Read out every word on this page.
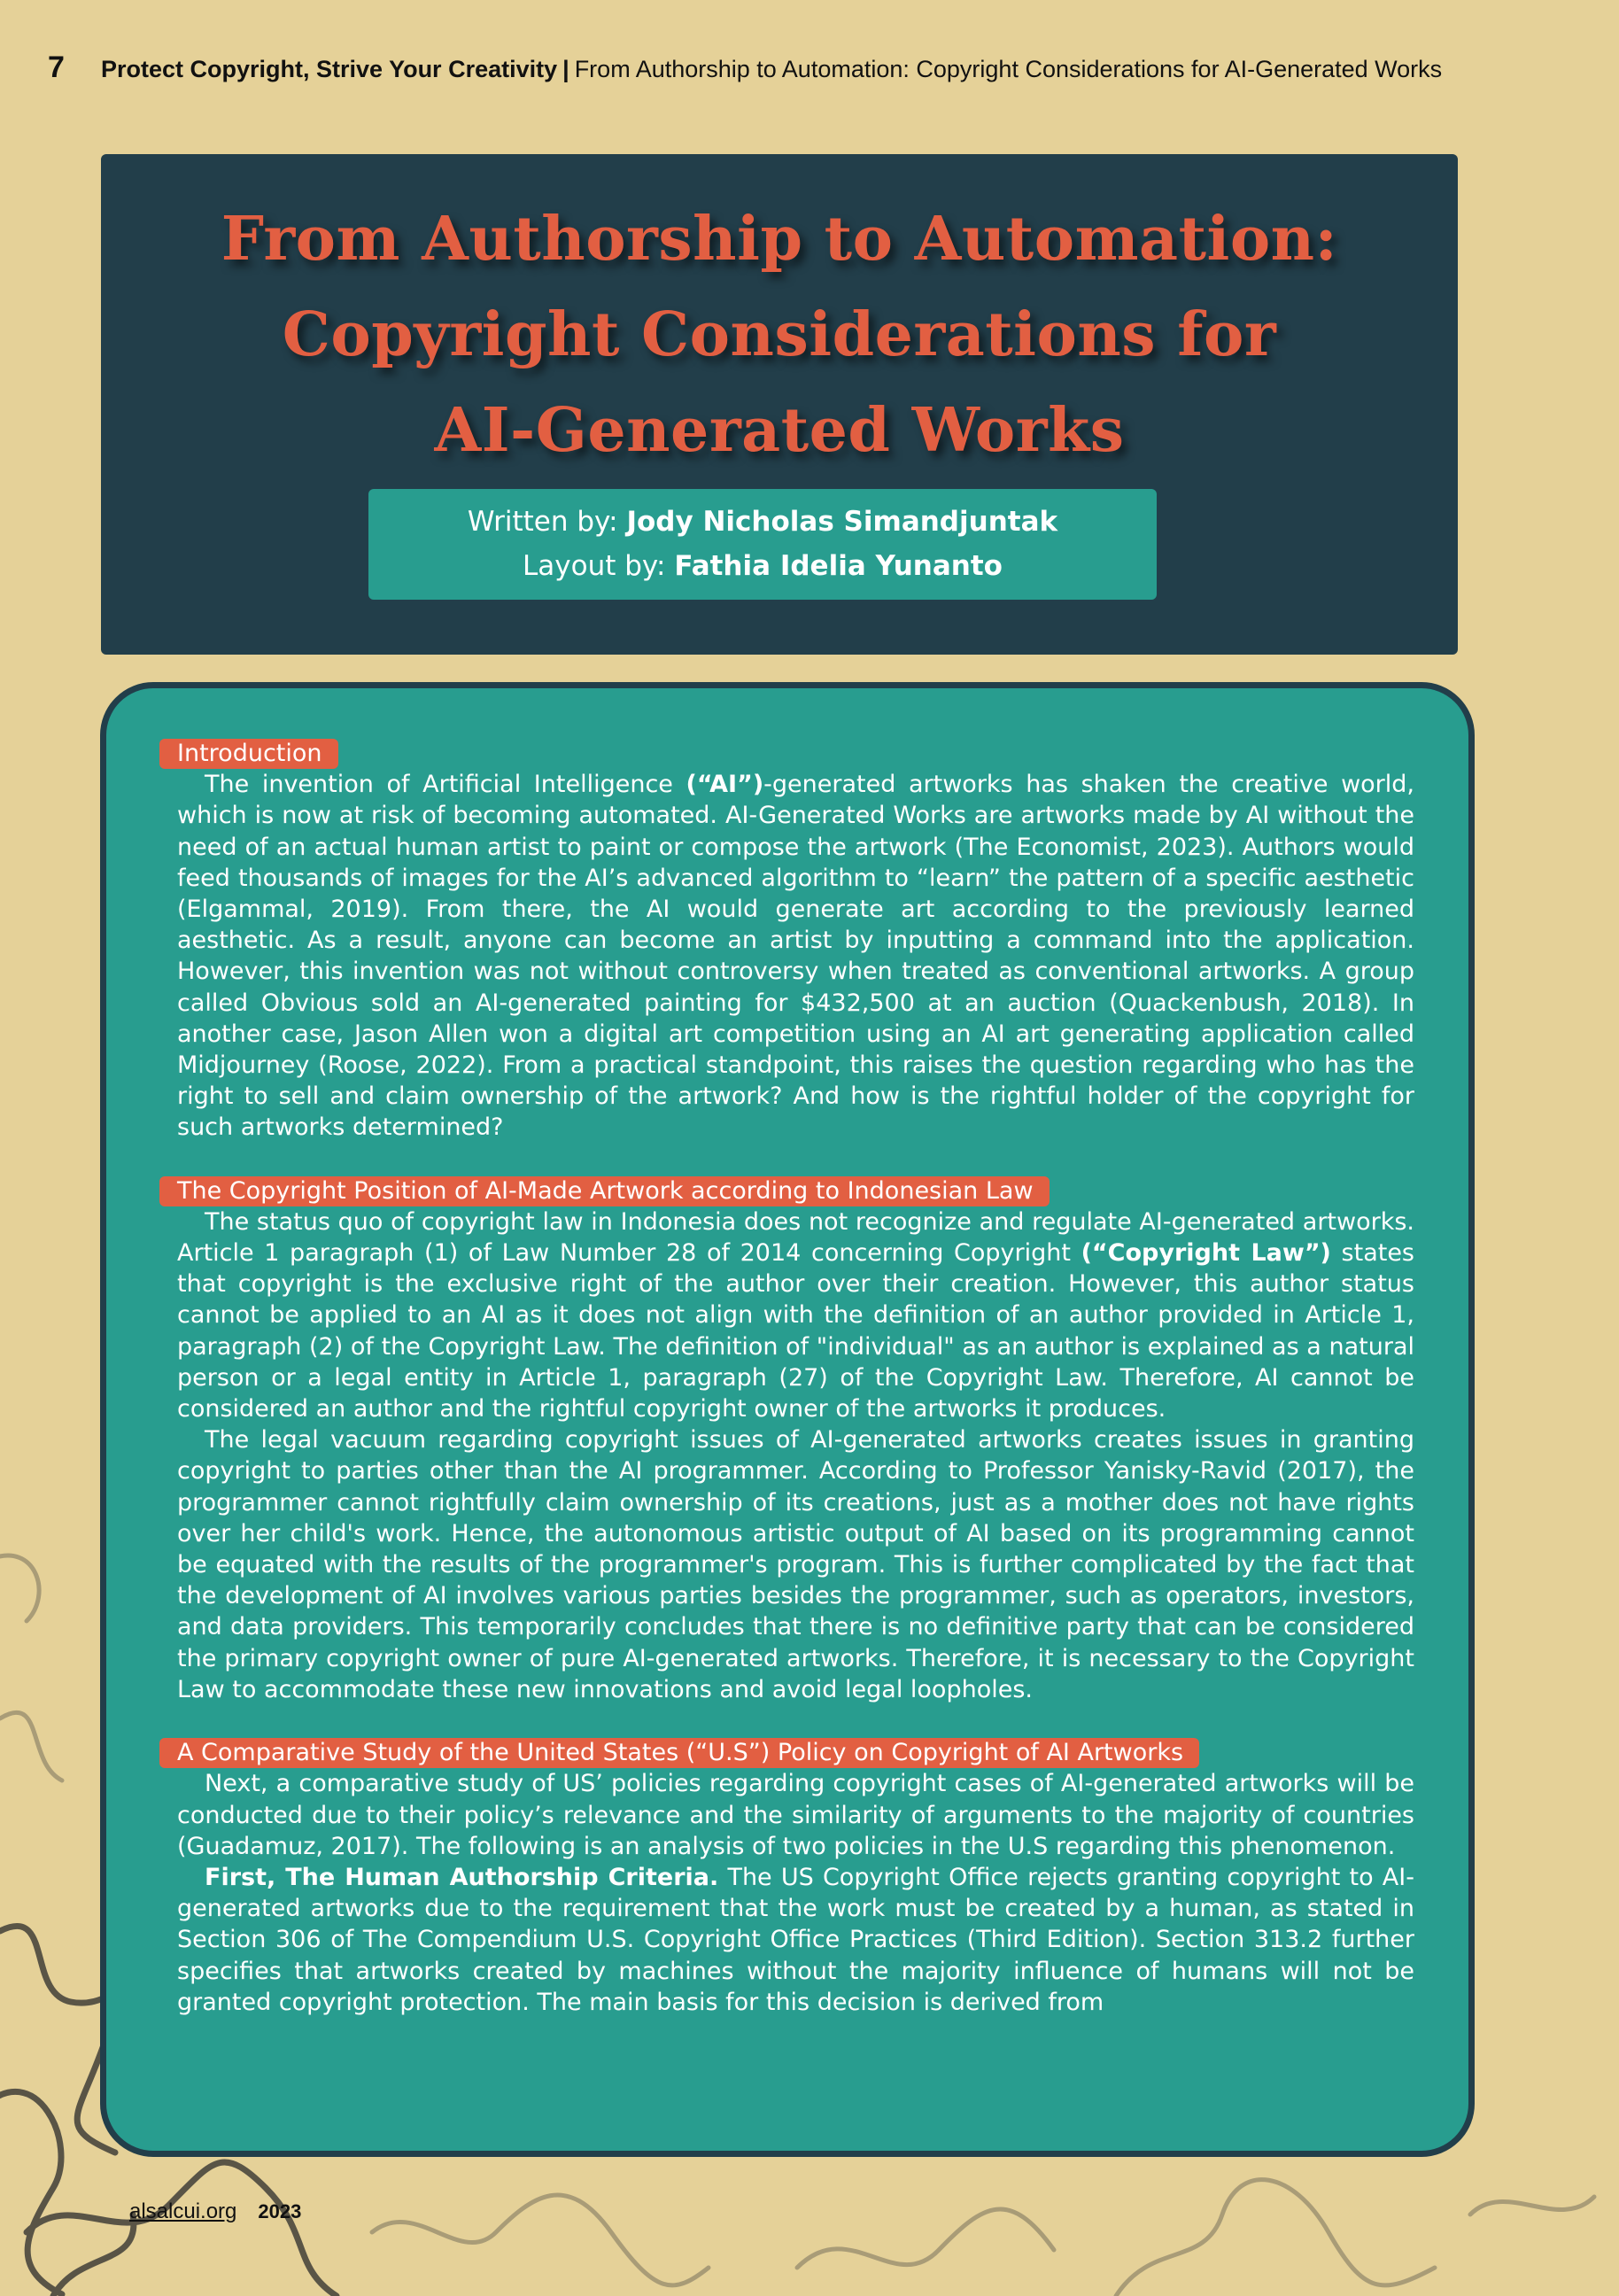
7 Protect Copyright, Strive Your Creativity | From Authorship to Automation: Copyright Considerations for AI-Generated Works
From Authorship to Automation:
Copyright Considerations for
AI-Generated Works
Written by: Jody Nicholas Simandjuntak
Layout by: Fathia Idelia Yunanto
Introduction

The invention of Artificial Intelligence (“AI”)-generated artworks has shaken the creative world, which is now at risk of becoming automated. AI-Generated Works are artworks made by AI without the need of an actual human artist to paint or compose the artwork (The Economist, 2023). Authors would feed thousands of images for the AI’s advanced algorithm to “learn” the pattern of a specific aesthetic (Elgammal, 2019). From there, the AI would generate art according to the previously learned aesthetic. As a result, anyone can become an artist by inputting a command into the application. However, this invention was not without controversy when treated as conventional artworks. A group called Obvious sold an AI-generated painting for $432,500 at an auction (Quackenbush, 2018). In another case, Jason Allen won a digital art competition using an AI art generating application called Midjourney (Roose, 2022). From a practical standpoint, this raises the question regarding who has the right to sell and claim ownership of the artwork? And how is the rightful holder of the copyright for such artworks determined?

The Copyright Position of AI-Made Artwork according to Indonesian Law

The status quo of copyright law in Indonesia does not recognize and regulate AI-generated artworks. Article 1 paragraph (1) of Law Number 28 of 2014 concerning Copyright (“Copyright Law”) states that copyright is the exclusive right of the author over their creation. However, this author status cannot be applied to an AI as it does not align with the definition of an author provided in Article 1, paragraph (2) of the Copyright Law. The definition of "individual" as an author is explained as a natural person or a legal entity in Article 1, paragraph (27) of the Copyright Law. Therefore, AI cannot be considered an author and the rightful copyright owner of the artworks it produces.

The legal vacuum regarding copyright issues of AI-generated artworks creates issues in granting copyright to parties other than the AI programmer. According to Professor Yanisky-Ravid (2017), the programmer cannot rightfully claim ownership of its creations, just as a mother does not have rights over her child's work. Hence, the autonomous artistic output of AI based on its programming cannot be equated with the results of the programmer's program. This is further complicated by the fact that the development of AI involves various parties besides the programmer, such as operators, investors, and data providers. This temporarily concludes that there is no definitive party that can be considered the primary copyright owner of pure AI-generated artworks. Therefore, it is necessary to the Copyright Law to accommodate these new innovations and avoid legal loopholes.

A Comparative Study of the United States (“U.S”) Policy on Copyright of AI Artworks

Next, a comparative study of US’ policies regarding copyright cases of AI-generated artworks will be conducted due to their policy’s relevance and the similarity of arguments to the majority of countries (Guadamuz, 2017). The following is an analysis of two policies in the U.S regarding this phenomenon.

First, The Human Authorship Criteria. The US Copyright Office rejects granting copyright to AI-generated artworks due to the requirement that the work must be created by a human, as stated in Section 306 of The Compendium U.S. Copyright Office Practices (Third Edition). Section 313.2 further specifies that artworks created by machines without the majority influence of humans will not be granted copyright protection. The main basis for this decision is derived from

alsalcui.org 2023
